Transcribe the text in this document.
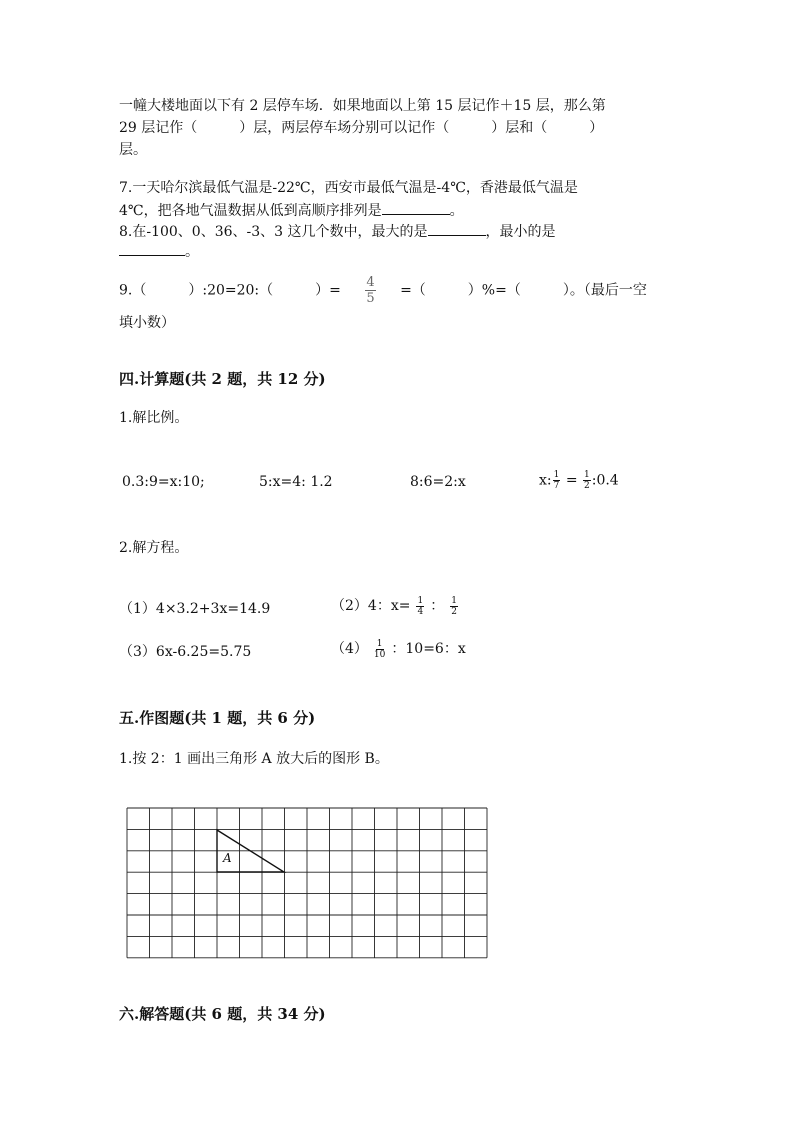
一幢大楼地面以下有 2 层停车场．如果地面以上第 15 层记作＋15 层，那么第
29 层记作（　　　）层，两层停车场分别可以记作（　　　）层和（　　　）
层。
7.一天哈尔滨最低气温是-22℃，西安市最低气温是-4℃，香港最低气温是
4℃，把各地气温数据从低到高顺序排列是	。
8.在-100、0、36、-3、3 这几个数中，最大的是	，最小的是
。
9.（　　　）:20=20:（　　　）= $\frac{4}{5}$ =（　　　）%=（　　　）。（最后一空
填小数）
四.计算题(共 2 题，共 12 分)
1.解比例。
0.3:9=x:10;	5:x=4: 1.2	8:6=2:x	x: $\frac{1}{7} = \frac{1}{2}$ :0.4
2.解方程。
（1）4×3.2+3x=14.9	（2）4：$x= \frac{1}{4}$ ： $\frac{1}{2}$
（3）6x-6.25=5.75	$(4) \frac{1}{10}$ ：10=6：x
五.作图题(共 1 题，共 6 分)
1.按 2：1 画出三角形 A 放大后的图形 B。
A
六.解答题(共 6 题，共 34 分)
